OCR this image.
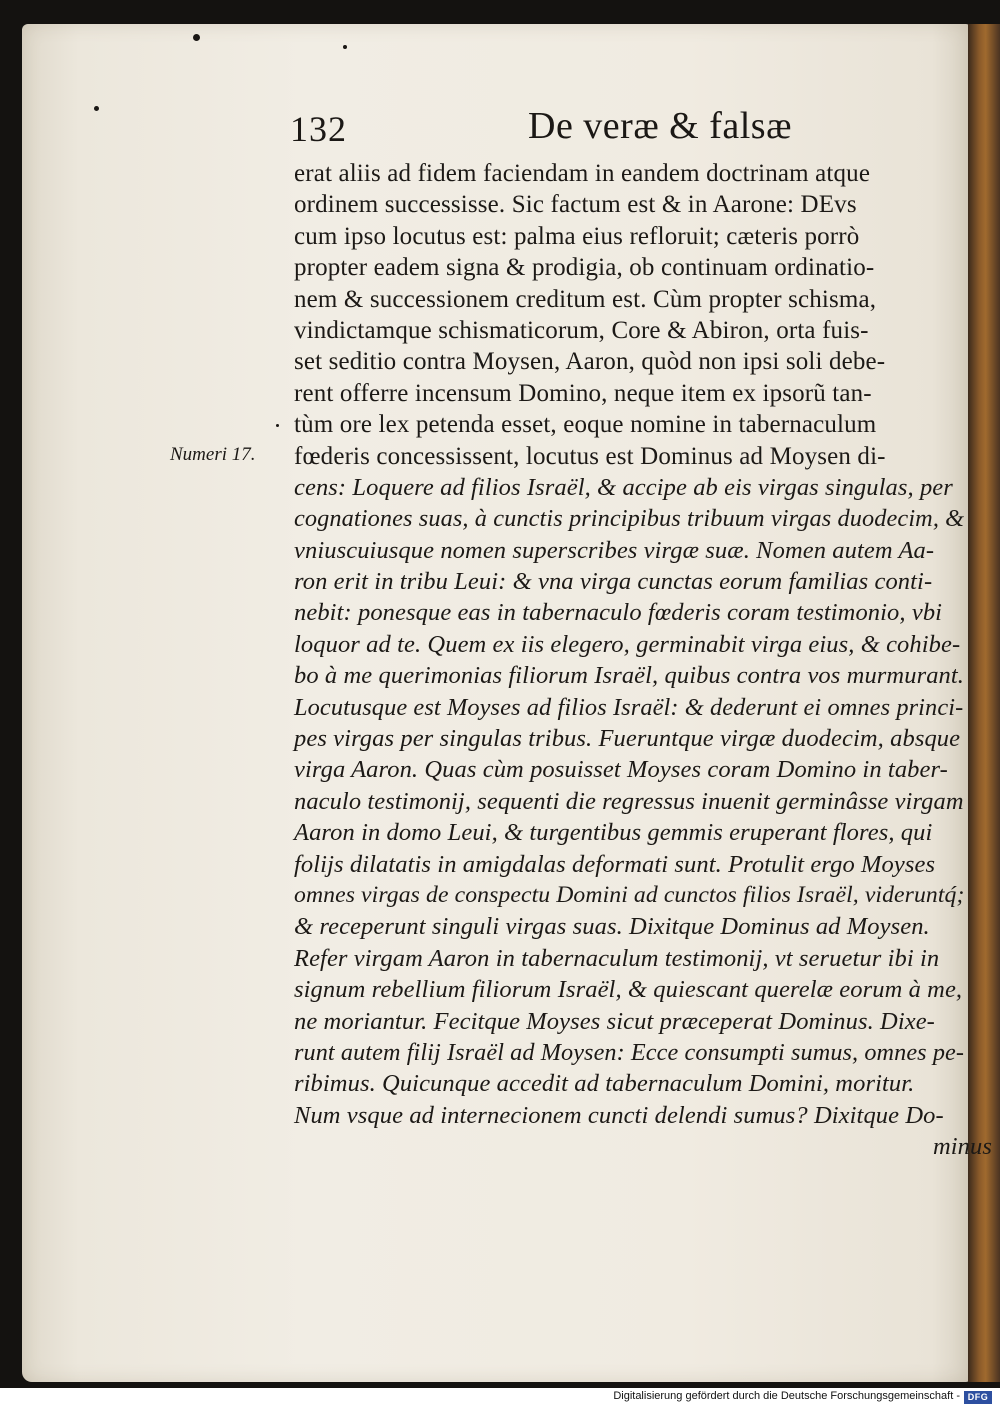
132	De veræ & falsæ
Numeri 17.
erat aliis ad fidem faciendam in eandem doctrinam atque
ordinem successisse. Sic factum est & in Aarone: DEvs
cum ipso locutus est: palma eius refloruit; cæteris porrò
propter eadem signa & prodigia, ob continuam ordinatio-
nem & successionem creditum est. Cùm propter schisma,
vindictamque schismaticorum, Core & Abiron, orta fuis-
set seditio contra Moysen, Aaron, quòd non ipsi soli debe-
rent offerre incensum Domino, neque item ex ipsorũ tan-
tùm ore lex petenda esset, eoque nomine in tabernaculum
fœderis concessissent, locutus est Dominus ad Moysen di-
cens: Loquere ad filios Israël, & accipe ab eis virgas singulas, per
cognationes suas, à cunctis principibus tribuum virgas duodecim, &
vniuscuiusque nomen superscribes virgæ suæ. Nomen autem Aa-
ron erit in tribu Leui: & vna virga cunctas eorum familias conti-
nebit: ponesque eas in tabernaculo fœderis coram testimonio, vbi
loquor ad te. Quem ex iis elegero, germinabit virga eius, & cohibe-
bo à me querimonias filiorum Israël, quibus contra vos murmurant.
Locutusque est Moyses ad filios Israël: & dederunt ei omnes princi-
pes virgas per singulas tribus. Fueruntque virgæ duodecim, absque
virga Aaron. Quas cùm posuisset Moyses coram Domino in taber-
naculo testimonij, sequenti die regressus inuenit germinâsse virgam
Aaron in domo Leui, & turgentibus gemmis eruperant flores, qui
folijs dilatatis in amigdalas deformati sunt. Protulit ergo Moyses
omnes virgas de conspectu Domini ad cunctos filios Israël, videruntq́;
& receperunt singuli virgas suas. Dixitque Dominus ad Moysen.
Refer virgam Aaron in tabernaculum testimonij, vt seruetur ibi in
signum rebellium filiorum Israël, & quiescant querelæ eorum à me,
ne moriantur. Fecitque Moyses sicut præceperat Dominus. Dixe-
runt autem filij Israël ad Moysen: Ecce consumpti sumus, omnes pe-
ribimus. Quicunque accedit ad tabernaculum Domini, moritur.
Num vsque ad internecionem cuncti delendi sumus? Dixitque Do-
minus
Digitalisierung gefördert durch die Deutsche Forschungsgemeinschaft - DFG
